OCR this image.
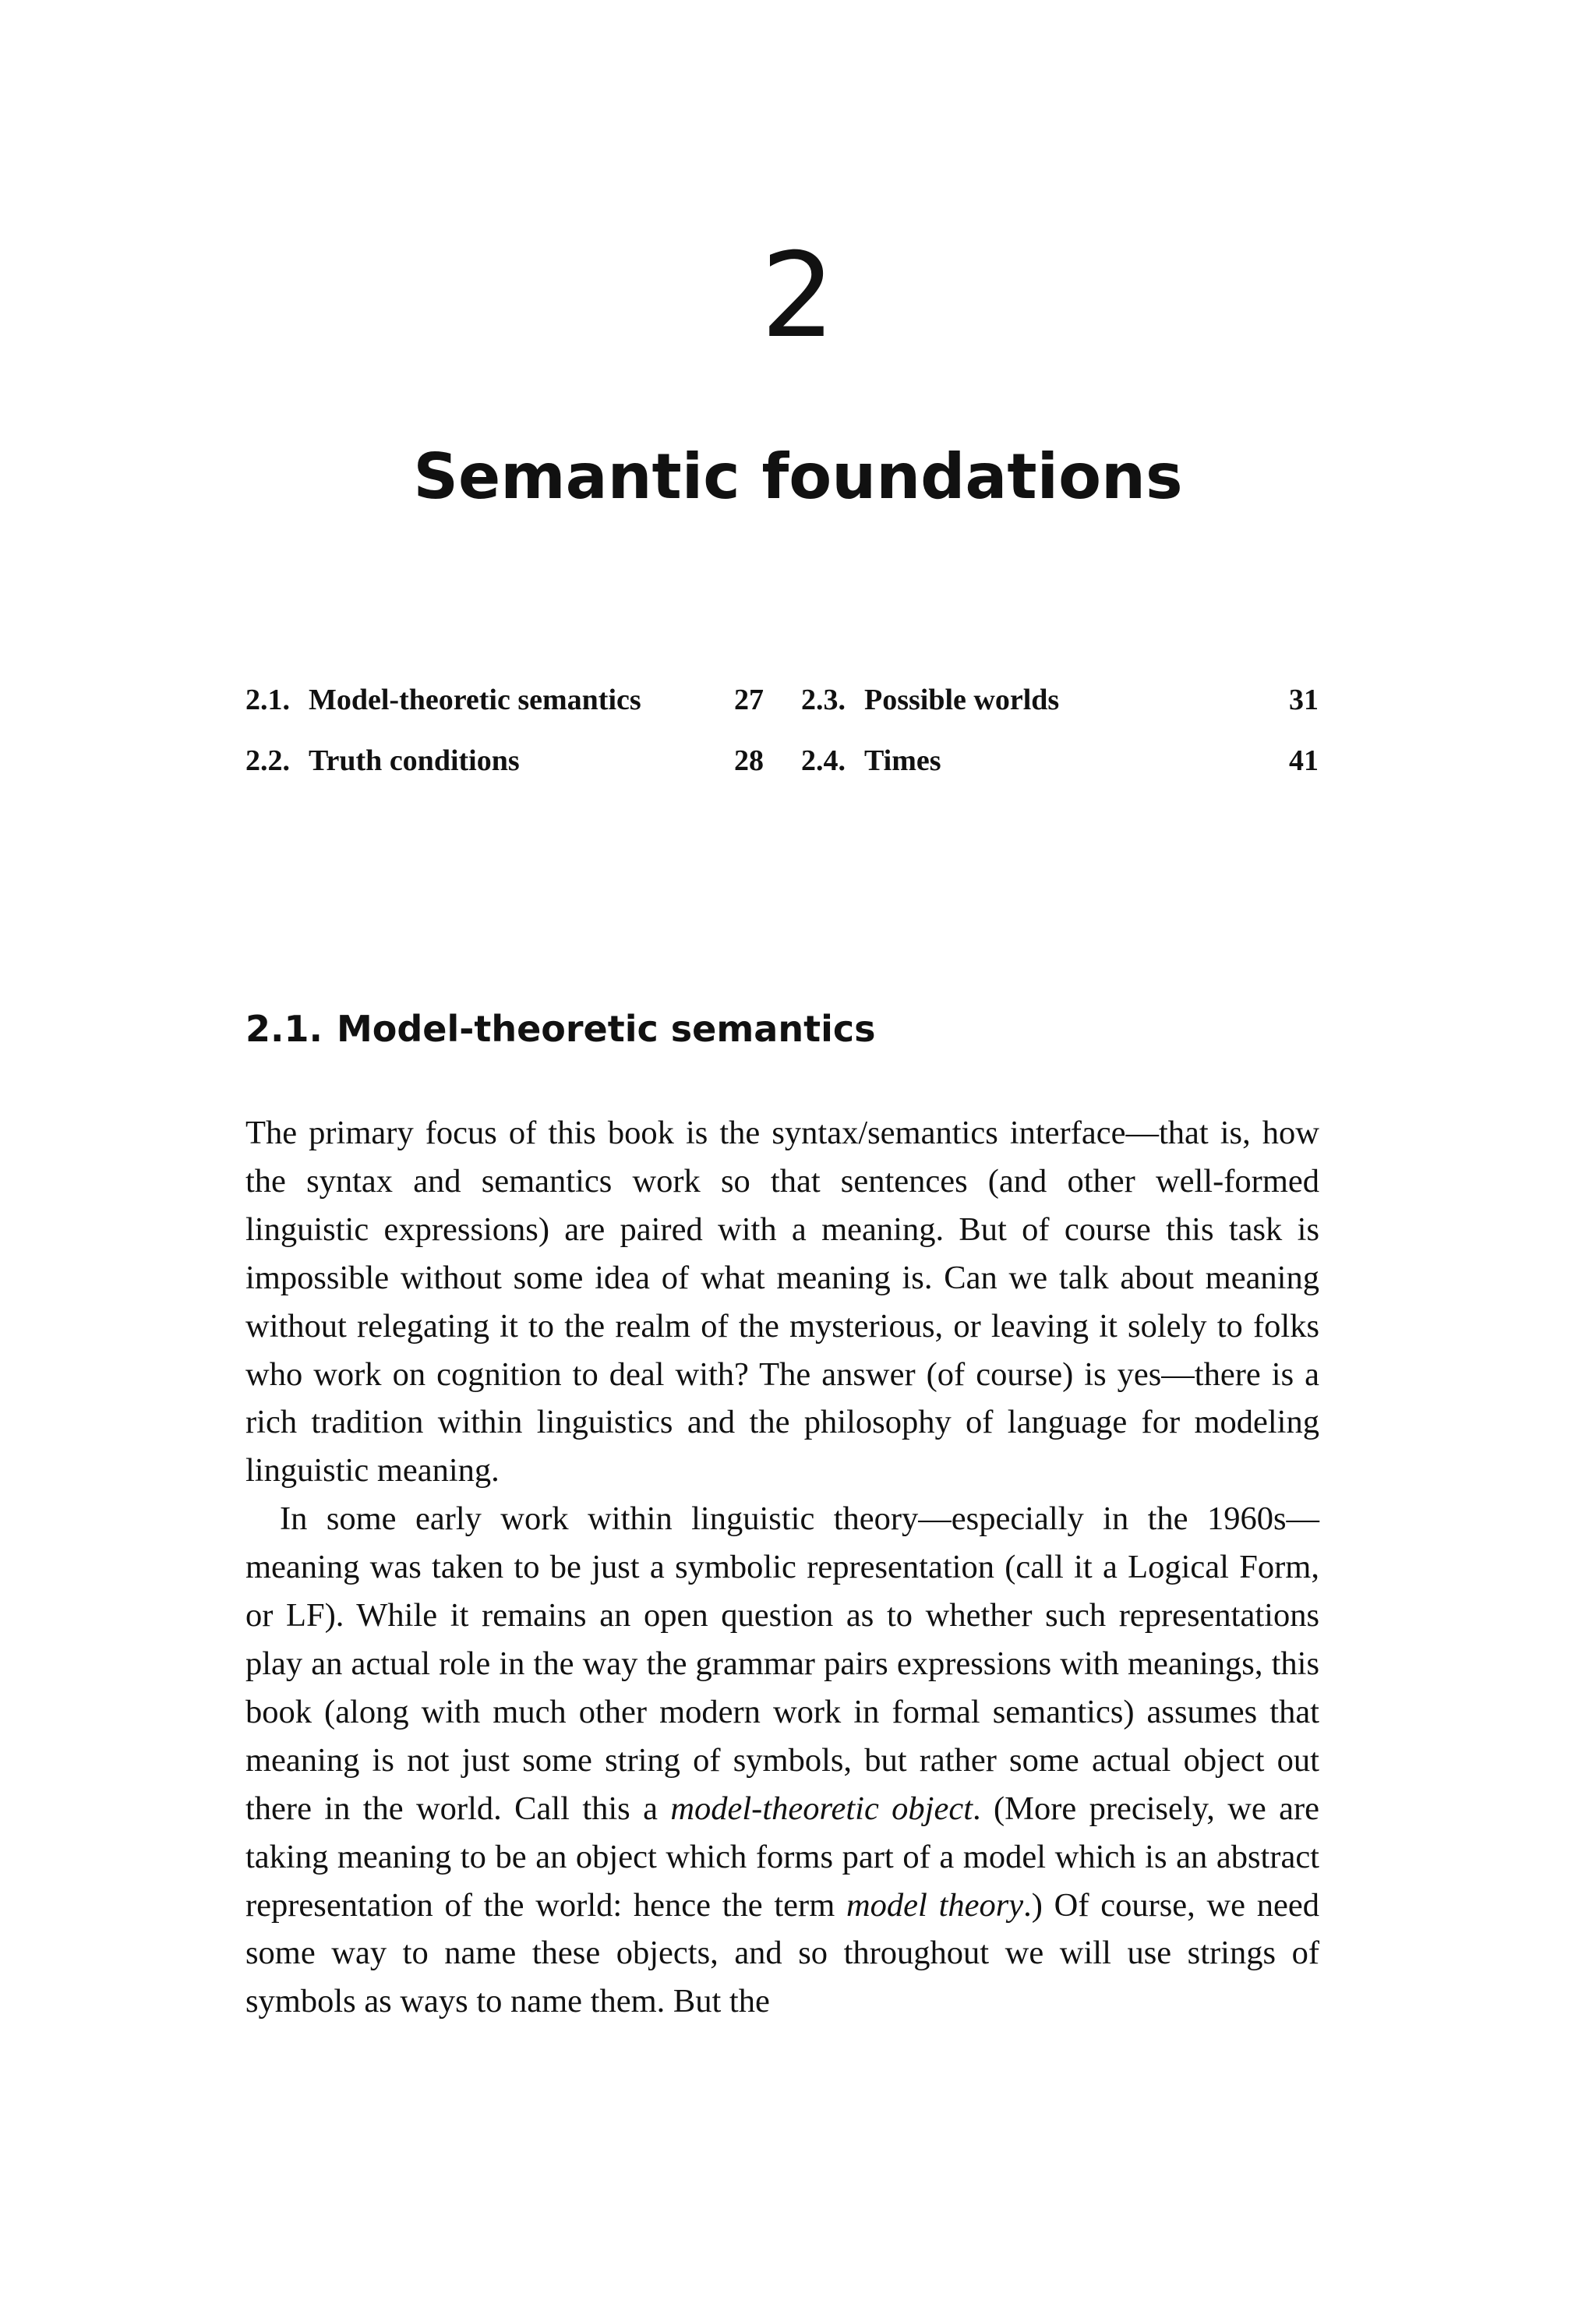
2
Semantic foundations
2.1. Model-theoretic semantics	27
2.2. Truth conditions	28
2.3. Possible worlds	31
2.4. Times	41
2.1. Model-theoretic semantics

The primary focus of this book is the syntax/semantics interface—that is, how the syntax and semantics work so that sentences (and other well-formed linguistic expressions) are paired with a meaning. But of course this task is impossible without some idea of what meaning is. Can we talk about meaning without relegating it to the realm of the mysterious, or leaving it solely to folks who work on cognition to deal with? The answer (of course) is yes—there is a rich tradition within linguistics and the philosophy of language for modeling linguistic meaning.

In some early work within linguistic theory—especially in the 1960s—meaning was taken to be just a symbolic representation (call it a Logical Form, or LF). While it remains an open question as to whether such representations play an actual role in the way the grammar pairs expressions with meanings, this book (along with much other modern work in formal semantics) assumes that meaning is not just some string of symbols, but rather some actual object out there in the world. Call this a model-theoretic object. (More precisely, we are taking meaning to be an object which forms part of a model which is an abstract representation of the world: hence the term model theory.) Of course, we need some way to name these objects, and so throughout we will use strings of symbols as ways to name them. But the
